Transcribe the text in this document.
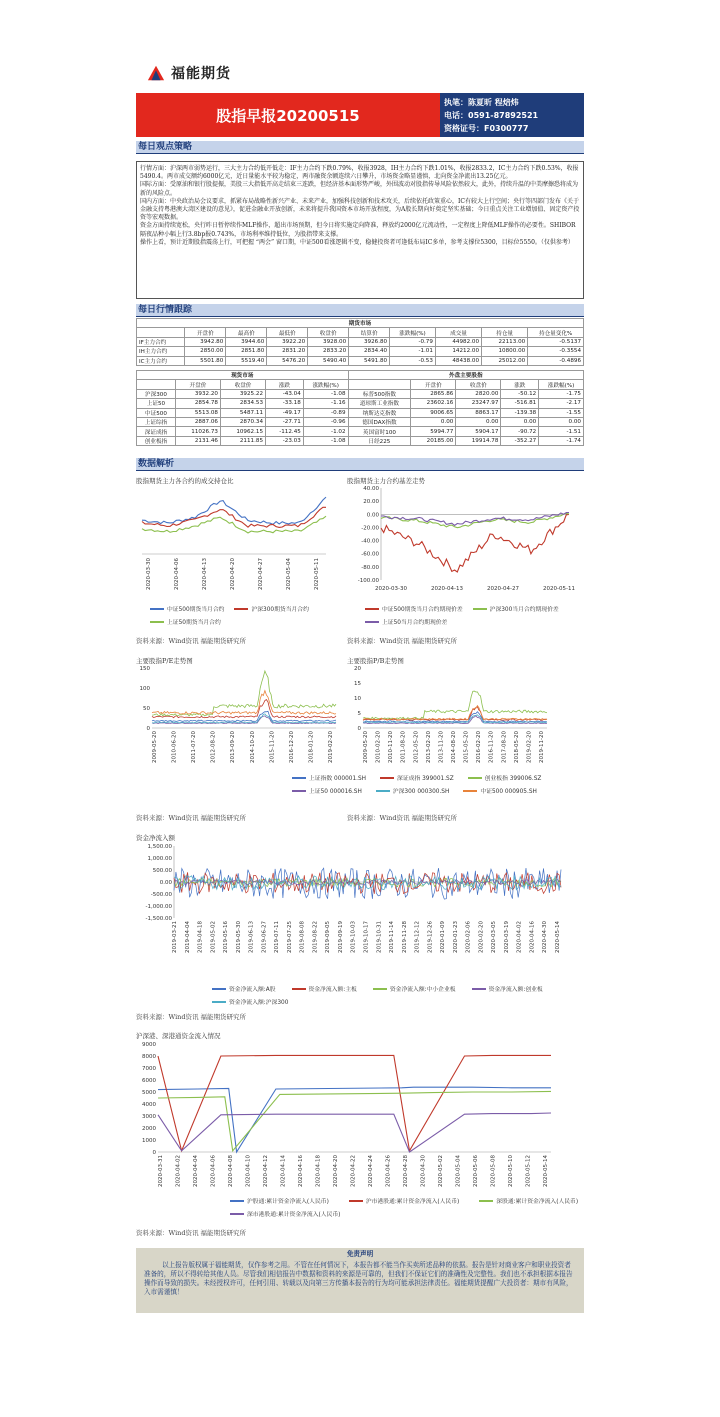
福能期货
股指早报20200515
执笔：陈夏昕 程焙炜
电话：0591-87892521
资格证号：F0300777
每日观点策略

行情方面：沪深两市弱势运行，三大主力合约低开低走：IF主力合约下跌0.79%，收报3928，IH主力合约下跌1.01%，收报2833.2，IC主力合约下跌0.53%，收报5490.4。两市成交额约6000亿元，近日量能水平较为稳定，两市融资余额连续六日攀升，市场资金略显谨慎，北向资金净流出13.25亿元。

国际方面：受原油和银行股提振，美股三大指低开高走结束三连跌，但经济基本面形势严峻，外围波动对股指传导风险依然较大，此外，持续升温的中美摩擦恐将成为新的风险点。

国内方面：中央政治局会议要求，抓紧布局战略性新兴产业、未来产业，加强科技创新和技术攻关，后续依托政策重心，IC有较大上行空间；央行等四部门发布《关于金融支持粤港澳大湾区建设的意见》，促进金融业开放创新，未来将提升我国资本市场开放程度，为A股长期向好奠定坚实基础；今日重点关注工业增加值、固定资产投资等宏观数据。

资金方面持续宽松，央行昨日暂停续作MLF操作，超出市场预期，但今日将实施定向降准，释放约2000亿元流动性，一定程度上降低MLF操作的必要性。SHIBOR隔夜品种小幅上行3.8bp报0.743%，市场利率维持低位，为股指带来支撑。

操作上看，预计近期股指震荡上行，可把握 “两会” 窗口期，中证500看涨逻辑不变，稳健投资者可逢低布局IC多单，参考支撑位5300，目标位5550。（仅供参考）

每日行情跟踪
期货市场									
	开盘价	最高价	最低价	收盘价	结算价	涨跌幅(%)	成交量	持仓量	持仓量变化%
IF主力合约	3942.80	3944.60	3922.20	3928.00	3926.80	-0.79	44982.00	22113.00	-0.5137
IH主力合约	2850.00	2851.80	2831.20	2833.20	2834.40	-1.01	14212.00	10800.00	-0.3554
IC主力合约	5501.80	5519.40	5476.20	5490.40	5491.80	-0.53	48438.00	25012.00	-0.4896
现货市场					外盘主要股指				
	开盘价	收盘价	涨跌	涨跌幅(%)		开盘价	收盘价	涨跌	涨跌幅(%)
沪深300	3932.20	3925.22	-43.04	-1.08	标普500指数	2865.86	2820.00	-50.12	-1.75
上证50	2854.78	2834.53	-33.18	-1.16	道琼斯工业指数	23602.16	23247.97	-516.81	-2.17
中证500	5513.08	5487.11	-49.17	-0.89	纳斯达克指数	9006.65	8863.17	-139.38	-1.55
上证综指	2887.06	2870.34	-27.71	-0.96	德国DAX指数	0.00	0.00	0.00	0.00
深证成指	11026.73	10962.15	-112.45	-1.02	英国富时100	5994.77	5904.17	-90.72	-1.51
创业板指	2131.46	2111.85	-23.03	-1.08	日经225	20185.00	19914.78	-352.27	-1.74
数据解析
股指期货主力各合约的成交持仓比
2020-03-30	2020-04-06	2020-04-13	2020-04-20	2020-04-27	2020-05-04	2020-05-11
中证500期货当月合约	沪深300期货当月合约
上证50期货当月合约
资料来源：Wind资讯 福能期货研究所
股指期货主力合约基差走势
40.00
20.00
0.00
-20.00
-40.00
-60.00
-80.00
-100.00
2020-03-30	2020-04-13	2020-04-27	2020-05-11
中证500期货当月合约期现价差	沪深300当月合约期现价差
上证50当月合约期现价差
资料来源：Wind资讯 福能期货研究所
主要股指P/E走势图
150
100
50
0
2009-05-20 2010-06-20 2011-07-20 2012-08-20 2013-09-20 2014-10-20 2015-11-20 2016-12-20 2018-01-20 2019-02-20
主要股指P/B走势图
20
15
10
5
0
2009-05-20 2010-02-20 2010-11-20 2011-08-20 2012-05-20 2013-02-20 2013-11-20 2014-08-20 2015-05-20 2016-02-20 2016-11-20 2017-08-20 2018-05-20 2019-02-20 2019-11-20
上证指数 000001.SH	深证成指 399001.SZ	创业板指 399006.SZ
上证50 000016.SH	沪深300 000300.SH	中证500 000905.SH
资料来源：Wind资讯 福能期货研究所	资料来源：Wind资讯 福能期货研究所
资金净流入额
1,500.00
1,000.00
500.00
0.00
-500.00
-1,000.00
-1,500.00
2019-03-21 2019-04-04 2019-04-18 2019-05-02 2019-05-16 2019-05-30 2019-06-13 2019-06-27 2019-07-11 2019-07-25 2019-08-08 2019-08-22 2019-09-05 2019-09-19 2019-10-03 2019-10-17 2019-10-31 2019-11-14 2019-11-28 2019-12-12 2019-12-26 2020-01-09 2020-01-23 2020-02-06 2020-02-20 2020-03-05 2020-03-19 2020-04-02 2020-04-16 2020-04-30 2020-05-14
资金净流入额:A股	资金净流入额:主板	资金净流入额:中小企业板	资金净流入额:创业板
资金净流入额:沪深300
资料来源：Wind资讯 福能期货研究所
沪深港、深港通资金流入情况
9000
8000
7000
6000
5000
4000
3000
2000
1000
0
2020-03-31 2020-04-02 2020-04-04 2020-04-06 2020-04-08 2020-04-10 2020-04-12 2020-04-14 2020-04-16 2020-04-18 2020-04-20 2020-04-22 2020-04-24 2020-04-26 2020-04-28 2020-04-30 2020-05-02 2020-05-04 2020-05-06 2020-05-08 2020-05-10 2020-05-12 2020-05-14
沪股通:累计资金净流入(人民币)	沪市港股通:累计资金净流入(人民币)	深股通:累计资金净流入(人民币)
深市港股通:累计资金净流入(人民币)
资料来源：Wind资讯 福能期货研究所
免责声明

以上报告版权属于福能期货，仅作参考之用。不管在任何情况下，本报告都不能当作买卖所述品种的依据。报告是针对商业客户和职业投资者准备的，所以不得转给其他人员。尽管我们相信报告中数据和资料的来源是可靠的，但我们不保证它们的准确性及完整性。我们也不承担根据本报告操作而导致的损失。未经授权许可，任何引用、转载以及向第三方传播本报告的行为均可能承担法律责任。福能期货提醒广大投资者：期市有风险，入市需谨慎！
